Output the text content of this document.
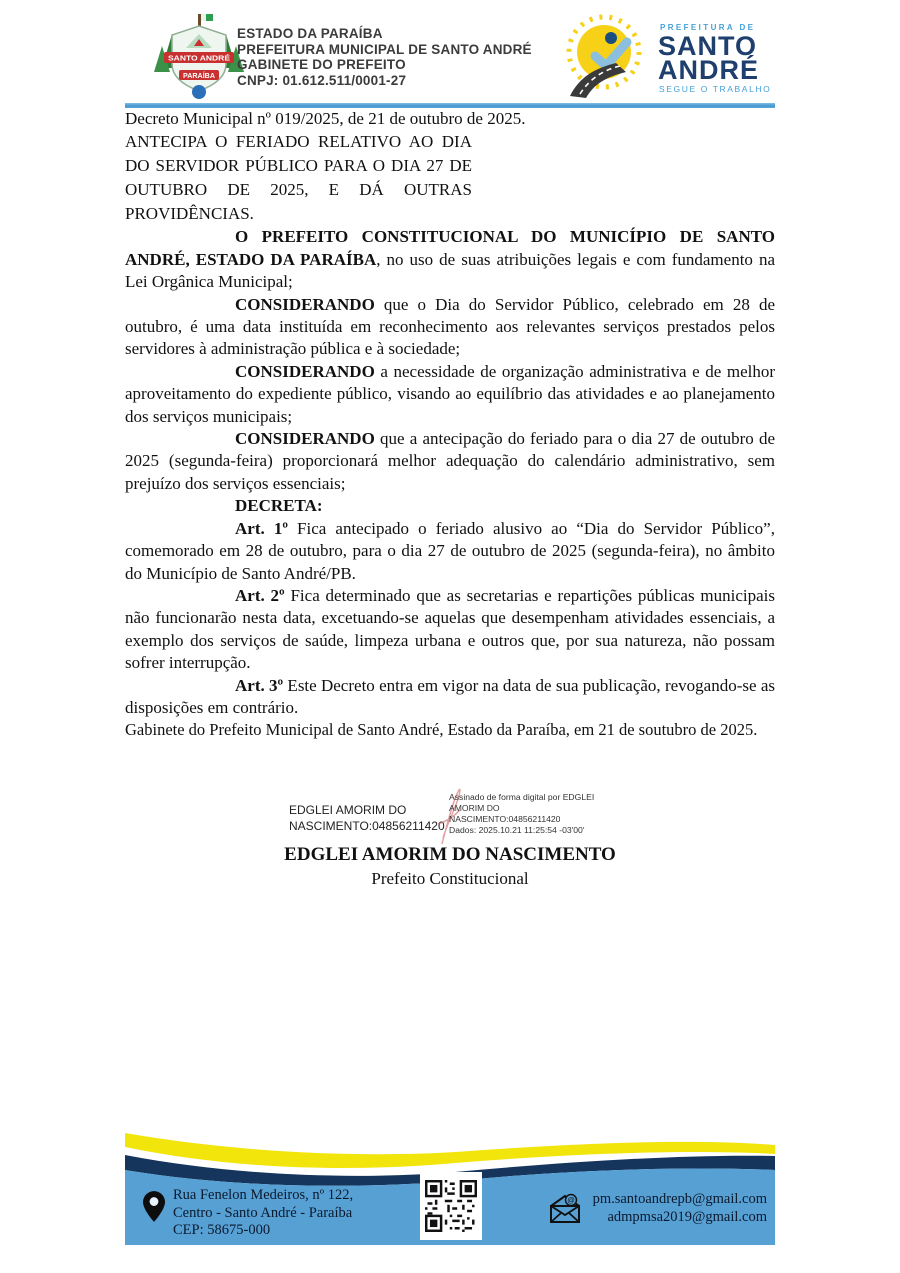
SANTO ANDRÉ
PARAÍBA
ESTADO DA PARAÍBA
PREFEITURA MUNICIPAL DE SANTO ANDRÉ
GABINETE DO PREFEITO
CNPJ: 01.612.511/0001-27
PREFEITURA DE
SANTO
ANDRÉ
SEGUE O TRABALHO

Decreto Municipal nº 019/2025, de 21 de outubro de 2025.

ANTECIPA O FERIADO RELATIVO AO DIA DO SERVIDOR PÚBLICO PARA O DIA 27 DE OUTUBRO DE 2025, E DÁ OUTRAS PROVIDÊNCIAS.

O PREFEITO CONSTITUCIONAL DO MUNICÍPIO DE SANTO ANDRÉ, ESTADO DA PARAÍBA, no uso de suas atribuições legais e com fundamento na Lei Orgânica Municipal;

CONSIDERANDO que o Dia do Servidor Público, celebrado em 28 de outubro, é uma data instituída em reconhecimento aos relevantes serviços prestados pelos servidores à administração pública e à sociedade;

CONSIDERANDO a necessidade de organização administrativa e de melhor aproveitamento do expediente público, visando ao equilíbrio das atividades e ao planejamento dos serviços municipais;

CONSIDERANDO que a antecipação do feriado para o dia 27 de outubro de 2025 (segunda-feira) proporcionará melhor adequação do calendário administrativo, sem prejuízo dos serviços essenciais;

DECRETA:

Art. 1º Fica antecipado o feriado alusivo ao “Dia do Servidor Público”, comemorado em 28 de outubro, para o dia 27 de outubro de 2025 (segunda-feira), no âmbito do Município de Santo André/PB.

Art. 2º Fica determinado que as secretarias e repartições públicas municipais não funcionarão nesta data, excetuando-se aquelas que desempenham atividades essenciais, a exemplo dos serviços de saúde, limpeza urbana e outros que, por sua natureza, não possam sofrer interrupção.

Art. 3º Este Decreto entra em vigor na data de sua publicação, revogando-se as disposições em contrário.

Gabinete do Prefeito Municipal de Santo André, Estado da Paraíba, em 21 de soutubro de 2025.

EDGLEI AMORIM DO
NASCIMENTO:04856211420
Assinado de forma digital por EDGLEI
AMORIM DO
NASCIMENTO:04856211420
Dados: 2025.10.21 11:25:54 -03'00'
EDGLEI AMORIM DO NASCIMENTO
Prefeito Constitucional
Rua Fenelon Medeiros, nº 122,
Centro - Santo André - Paraíba
CEP: 58675-000
@ pm.santoandrepb@gmail.com
admpmsa2019@gmail.com
